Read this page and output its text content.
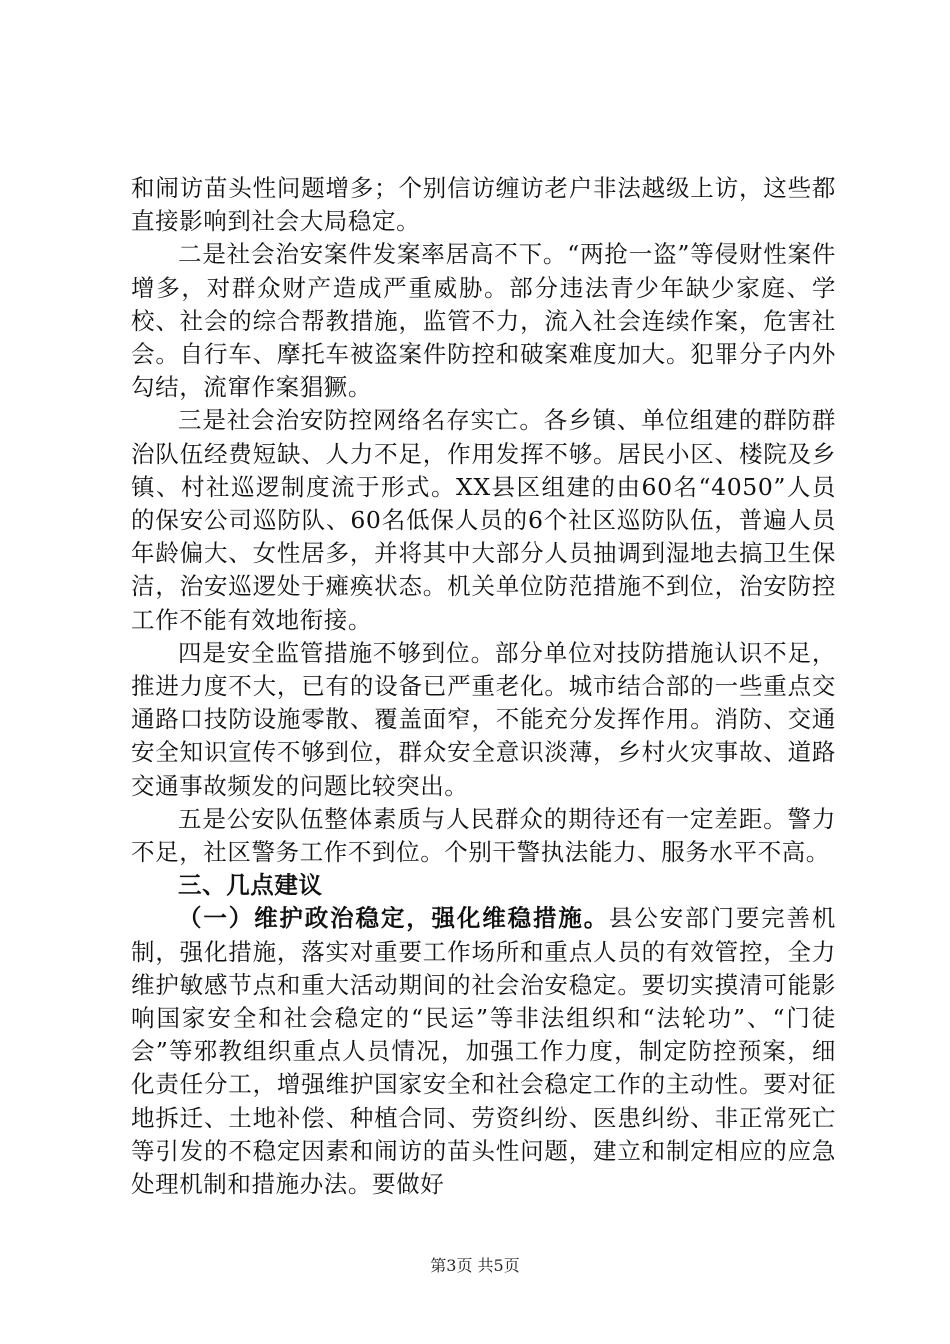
和闹访苗头性问题增多；个别信访缠访老户非法越级上访，这些都直接影响到社会大局稳定。

二是社会治安案件发案率居高不下。“两抢一盗”等侵财性案件增多，对群众财产造成严重威胁。部分违法青少年缺少家庭、学校、社会的综合帮教措施，监管不力，流入社会连续作案，危害社会。自行车、摩托车被盗案件防控和破案难度加大。犯罪分子内外勾结，流窜作案猖獗。

三是社会治安防控网络名存实亡。各乡镇、单位组建的群防群治队伍经费短缺、人力不足，作用发挥不够。居民小区、楼院及乡镇、村社巡逻制度流于形式。XX县区组建的由60名“4050”人员的保安公司巡防队、60名低保人员的6个社区巡防队伍，普遍人员年龄偏大、女性居多，并将其中大部分人员抽调到湿地去搞卫生保洁，治安巡逻处于瘫痪状态。机关单位防范措施不到位，治安防控工作不能有效地衔接。

四是安全监管措施不够到位。部分单位对技防措施认识不足，推进力度不大，已有的设备已严重老化。城市结合部的一些重点交通路口技防设施零散、覆盖面窄，不能充分发挥作用。消防、交通安全知识宣传不够到位，群众安全意识淡薄，乡村火灾事故、道路交通事故频发的问题比较突出。

五是公安队伍整体素质与人民群众的期待还有一定差距。警力不足，社区警务工作不到位。个别干警执法能力、服务水平不高。

三、几点建议

（一）维护政治稳定，强化维稳措施。县公安部门要完善机制，强化措施，落实对重要工作场所和重点人员的有效管控，全力维护敏感节点和重大活动期间的社会治安稳定。要切实摸清可能影响国家安全和社会稳定的“民运”等非法组织和“法轮功”、“门徒会”等邪教组织重点人员情况，加强工作力度，制定防控预案，细化责任分工，增强维护国家安全和社会稳定工作的主动性。要对征地拆迁、土地补偿、种植合同、劳资纠纷、医患纠纷、非正常死亡等引发的不稳定因素和闹访的苗头性问题，建立和制定相应的应急处理机制和措施办法。要做好

第3页 共5页
